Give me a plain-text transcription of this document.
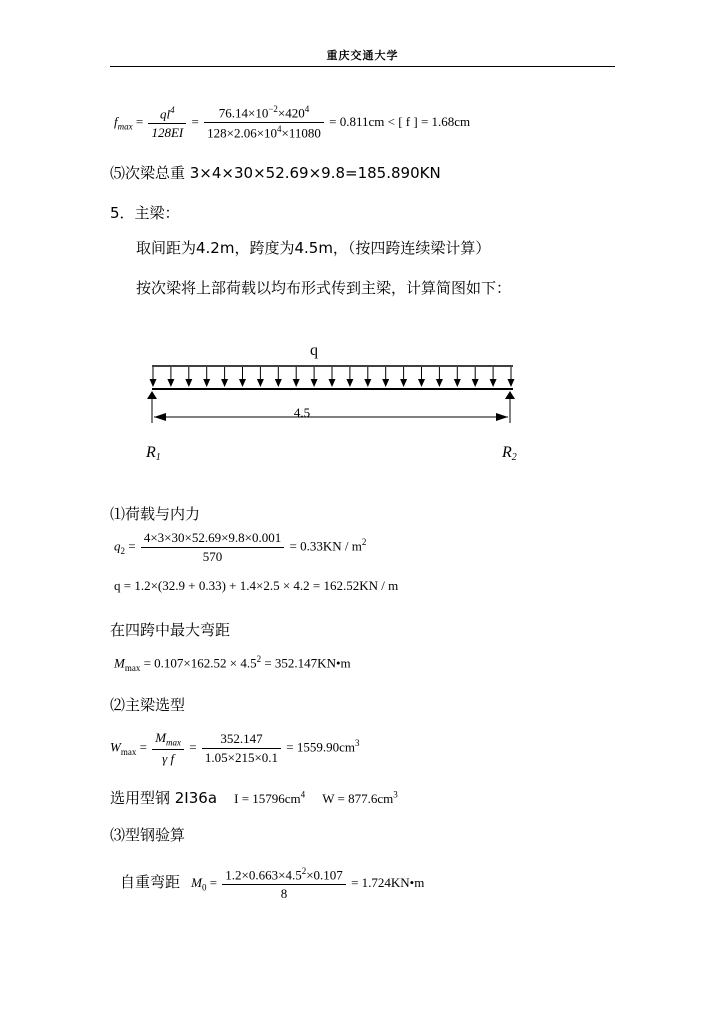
重庆交通大学
$f_{max} = \frac{ql^4}{128EI} = \frac{76.14\times 10^{-2}\times 420^4}{128\times 2.06\times 10^4\times 11080} = 0.811cm$ < [ f ] = 1.68cm
⑸次梁总重 3×4×30×52.69×9.8=185.890KN
5．主梁：
取间距为4.2m，跨度为4.5m，（按四跨连续梁计算）
按次梁将上部荷载以均布形式传到主梁，计算简图如下：
q
4.5
R1	R2
⑴荷载与内力
$q_2 = \frac{4\times 3\times 30\times 52.69\times 9.8\times 0.001}{570} = 0.33KN / m^2$
q = 1.2×(32.9 + 0.33) + 1.4×2.5 × 4.2 = 162.52KN / m
在四跨中最大弯距
$M_{max} = 0.107\times 162.52 \times 4.5^2$ = 352.147KN•m
⑵主梁选型
$W_{max} = \frac{M_{max}}{\text{γ f}} = \frac{352.147}{1.05\times 215\times 0.1} = 1559.90cm^3$
选用型钢 2I36a $I = 15796cm^4$ $W = 877.6cm^3$
⑶型钢验算
自重弯距 $M_0 = \frac{1.2\times 0.663\times 4.5^2\times 0.107}{8}$ = 1.724KN•m
